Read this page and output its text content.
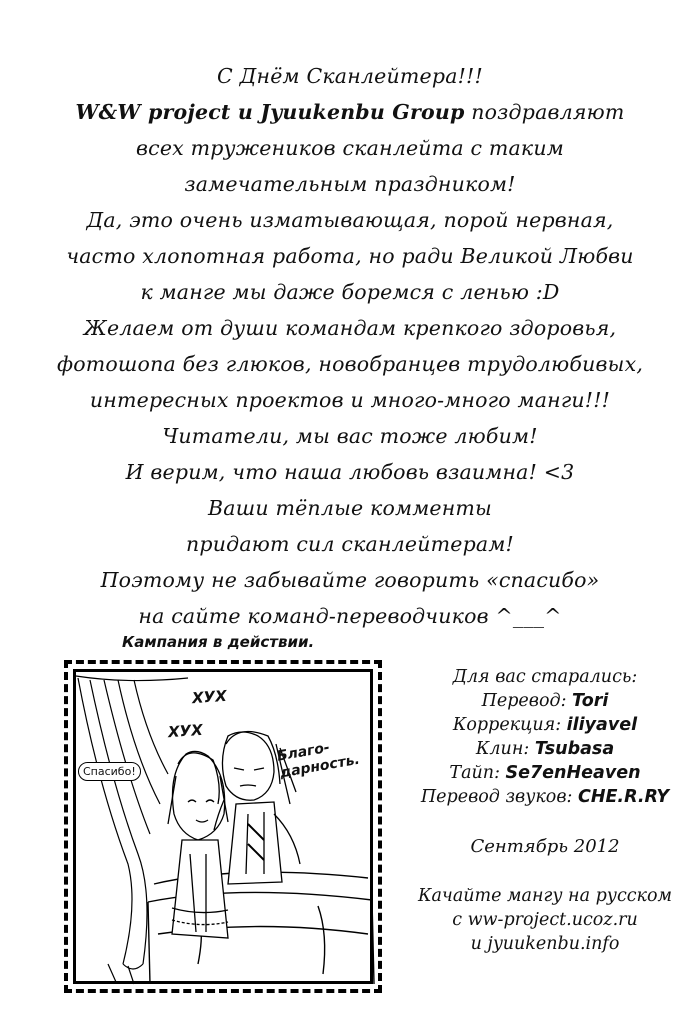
С Днём Сканлейтера!!!
W&W project и Jyuukenbu Group поздравляют
всех тружеников сканлейта с таким
замечательным праздником!
Да, это очень изматывающая, порой нервная,
часто хлопотная работа, но ради Великой Любви
к манге мы даже боремся с ленью :D
Желаем от души командам крепкого здоровья,
фотошопа без глюков, новобранцев трудолюбивых,
интересных проектов и много-много манги!!!
Читатели, мы вас тоже любим!
И верим, что наша любовь взаимна! <3
Ваши тёплые комменты
придают сил сканлейтерам!
Поэтому не забывайте говорить «спасибо»
на сайте команд-переводчиков ^___^
Кампания в действии.
ХУХ
ХУХ
Спасибо!
Благо- дарность.
Для вас старались:
Перевод: Tori
Коррекция: iliyavel
Клин: Tsubasa
Тайп: Se7enHeaven
Перевод звуков: CHE.R.RY
Сентябрь 2012
Качайте мангу на русском
с ww-project.ucoz.ru
и jyuukenbu.info
